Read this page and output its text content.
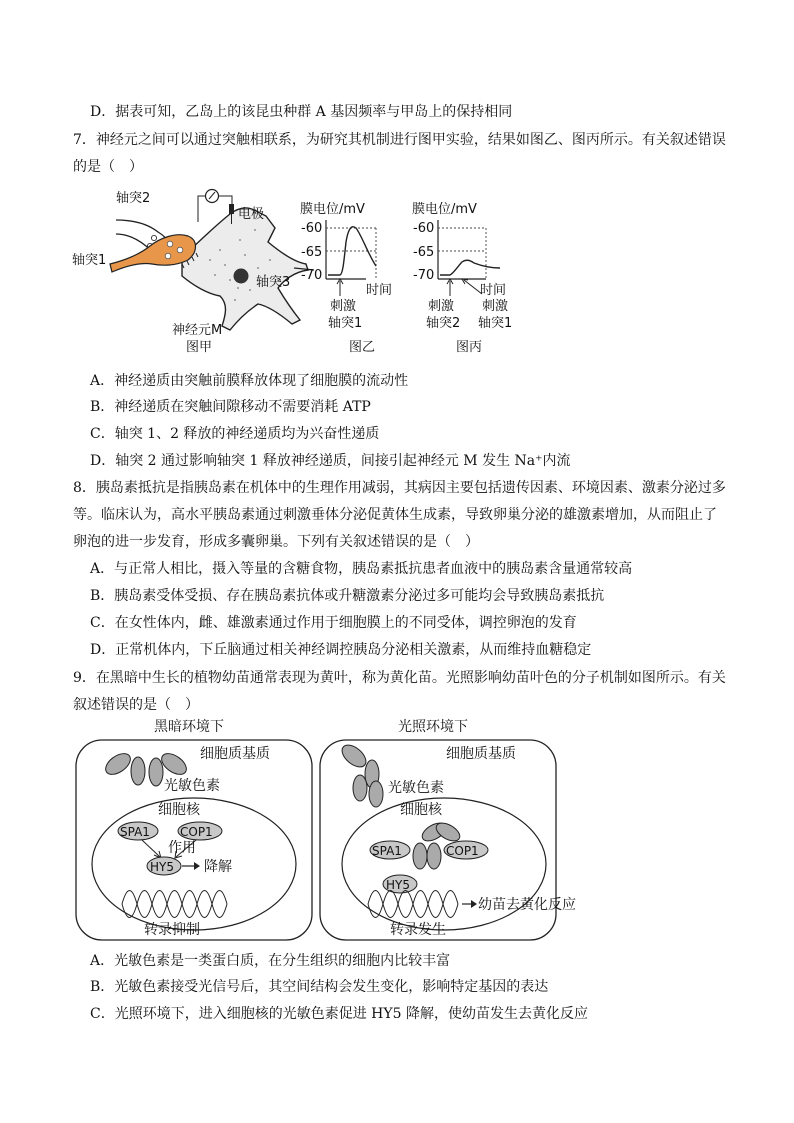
D．据表可知，乙岛上的该昆虫种群 A 基因频率与甲岛上的保持相同
7．神经元之间可以通过突触相联系，为研究其机制进行图甲实验，结果如图乙、图丙所示。有关叙述错误
的是（　）
轴突2
电极
轴突1
轴突3
神经元M
图甲
膜电位/mV
-60
-65
-70
刺激
轴突1
时间
图乙
膜电位/mV
-60
-65
-70
刺激
轴突2
刺激
轴突1
时间
图丙
A．神经递质由突触前膜释放体现了细胞膜的流动性
B．神经递质在突触间隙移动不需要消耗 ATP
C．轴突 1、2 释放的神经递质均为兴奋性递质
D．轴突 2 通过影响轴突 1 释放神经递质，间接引起神经元 M 发生 Na⁺内流
8．胰岛素抵抗是指胰岛素在机体中的生理作用减弱，其病因主要包括遗传因素、环境因素、激素分泌过多
等。临床认为，高水平胰岛素通过刺激垂体分泌促黄体生成素，导致卵巢分泌的雄激素增加，从而阻止了
卵泡的进一步发育，形成多囊卵巢。下列有关叙述错误的是（　）
A．与正常人相比，摄入等量的含糖食物，胰岛素抵抗患者血液中的胰岛素含量通常较高
B．胰岛素受体受损、存在胰岛素抗体或升糖激素分泌过多可能均会导致胰岛素抵抗
C．在女性体内，雌、雄激素通过作用于细胞膜上的不同受体，调控卵泡的发育
D．正常机体内，下丘脑通过相关神经调控胰岛分泌相关激素，从而维持血糖稳定
9．在黑暗中生长的植物幼苗通常表现为黄叶，称为黄化苗。光照影响幼苗叶色的分子机制如图所示。有关
叙述错误的是（　）
黑暗环境下
细胞质基质
光敏色素
细胞核
SPA1	COP1
作用
HY5 降解
转录抑制
光照环境下
细胞质基质
光敏色素
细胞核
SPA1	COP1
HY5
幼苗去黄化反应
转录发生
A．光敏色素是一类蛋白质，在分生组织的细胞内比较丰富
B．光敏色素接受光信号后，其空间结构会发生变化，影响特定基因的表达
C．光照环境下，进入细胞核的光敏色素促进 HY5 降解，使幼苗发生去黄化反应
